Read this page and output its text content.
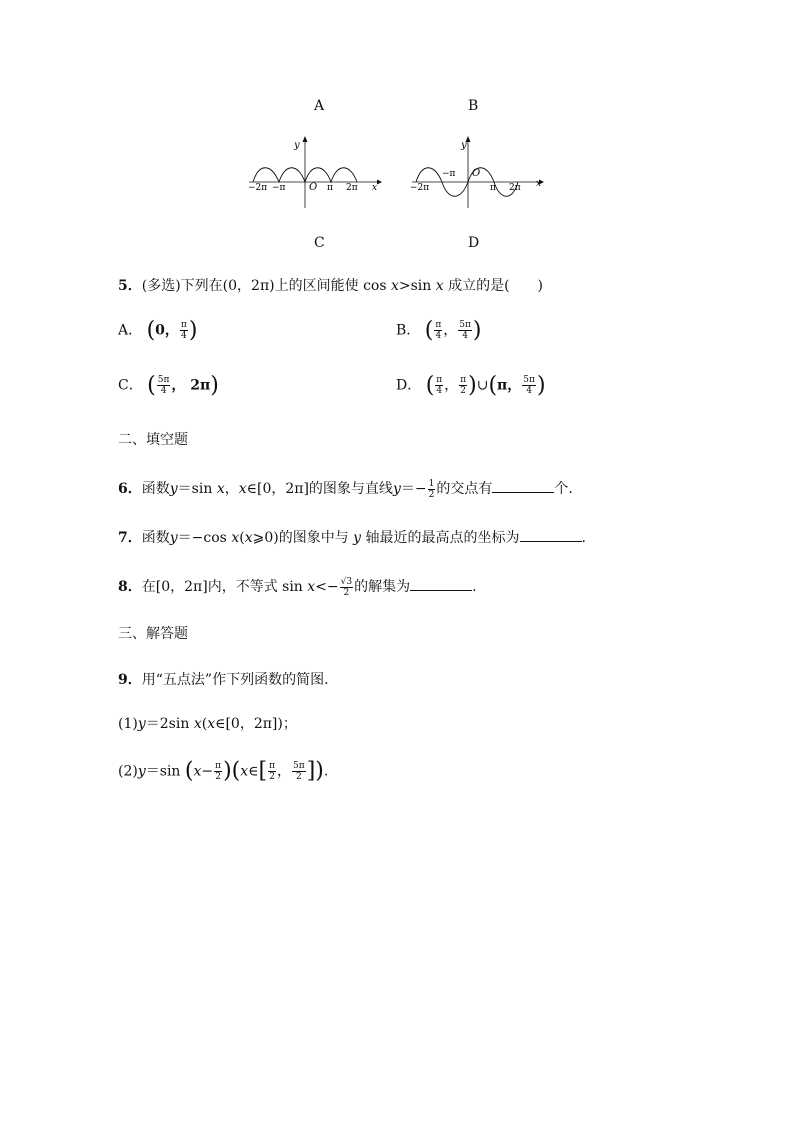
A	B
y
x
−2π −π O π 2π
y
x
−2π
−π O
π 2π
C	D
5．(多选)下列在(0，2π)上的区间能使 cos x>sin x 成立的是(　　)
A． (0， $\frac{\pi}{4}$ )	B． ( $\frac{\pi}{4}$ ， $\frac{5\pi}{4}$ )
C． ( $\frac{5\pi}{4}$ ， 2π)	D． ( $\frac{\pi}{4}$ ， $\frac{\pi}{2}$ )∪(π， $\frac{5\pi}{4}$ )
二、填空题
6．函数y＝sin x，x∈[0，2π]的图象与直线$y=- \frac{1}{2}$ 的交点有	个.
7．函数y＝−cos x(x⩾0)的图象中与 y 轴最近的最高点的坐标为	.
8．在[0，2π]内，不等式 $\sin x<- \frac{√3}{2}$ 的解集为	.
三、解答题
9．用“五点法”作下列函数的简图.
(1)y＝2sin x(x∈[0，2π])；
(2)y＝sin ($x- \frac{\pi}{2}$ )(x∈[ $\frac{\pi}{2}$ ， $\frac{5\pi}{2}$ ]).
